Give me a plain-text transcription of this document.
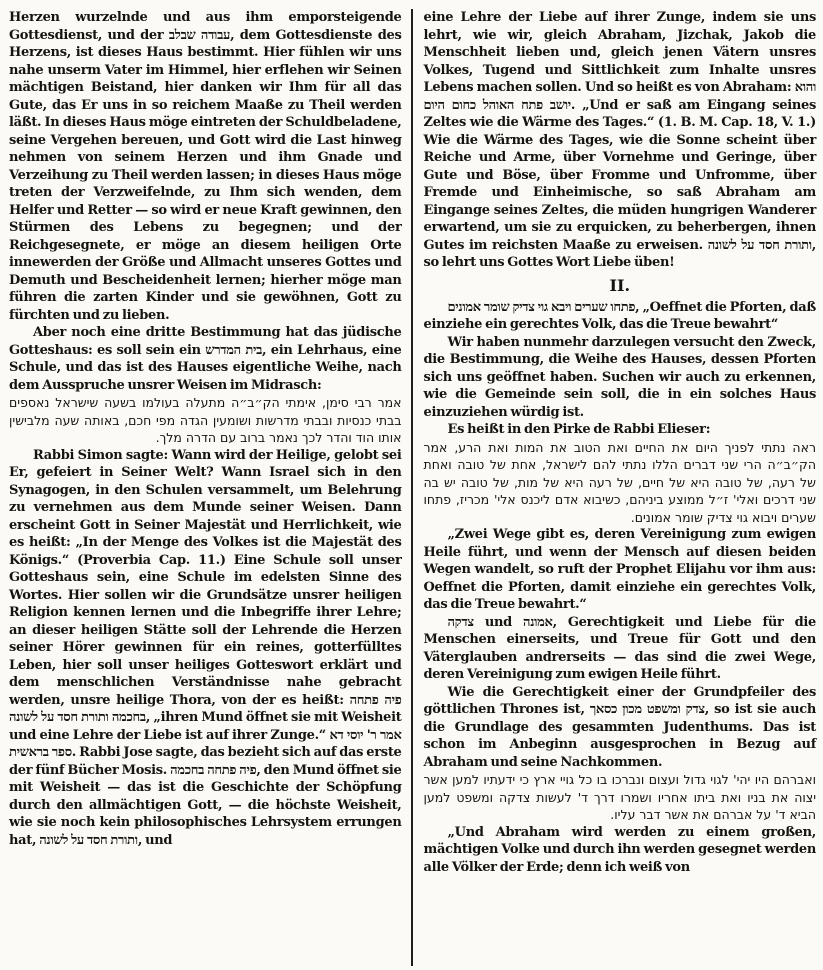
Herzen wurzelnde und aus ihm emporsteigende Gottesdienst, und der עבודה שבלב, dem Gottesdienste des Herzens, ist dieses Haus bestimmt. Hier fühlen wir uns nahe unserm Vater im Himmel, hier erflehen wir Seinen mächtigen Beistand, hier danken wir Ihm für all das Gute, das Er uns in so reichem Maaße zu Theil werden läßt. In dieses Haus möge eintreten der Schuldbeladene, seine Vergehen bereuen, und Gott wird die Last hinweg nehmen von seinem Herzen und ihm Gnade und Verzeihung zu Theil werden lassen; in dieses Haus möge treten der Verzweifelnde, zu Ihm sich wenden, dem Helfer und Retter — so wird er neue Kraft gewinnen, den Stürmen des Lebens zu begegnen; und der Reichgesegnete, er möge an diesem heiligen Orte innewerden der Größe und Allmacht unseres Gottes und Demuth und Bescheidenheit lernen; hierher möge man führen die zarten Kinder und sie gewöhnen, Gott zu fürchten und zu lieben.

Aber noch eine dritte Bestimmung hat das jüdische Gotteshaus: es soll sein ein בית המדרש, ein Lehrhaus, eine Schule, und das ist des Hauses eigentliche Weihe, nach dem Ausspruche unsrer Weisen im Midrasch:

אמר רבי סימן, אימתי הק״ב״ה מתעלה בעולמו בשעה שישראל נאספים בבתי כנסיות ובבתי מדרשות ושומעין הגדה מפי חכם, באותה שעה מלבישין אותו הוד והדר לכך נאמר ברוב עם הדרה מלך.

Rabbi Simon sagte: Wann wird der Heilige, gelobt sei Er, gefeiert in Seiner Welt? Wann Israel sich in den Synagogen, in den Schulen versammelt, um Belehrung zu vernehmen aus dem Munde seiner Weisen. Dann erscheint Gott in Seiner Majestät und Herrlichkeit, wie es heißt: „In der Menge des Volkes ist die Majestät des Königs.“ (Proverbia Cap. 11.) Eine Schule soll unser Gotteshaus sein, eine Schule im edelsten Sinne des Wortes. Hier sollen wir die Grundsätze unsrer heiligen Religion kennen lernen und die Inbegriffe ihrer Lehre; an dieser heiligen Stätte soll der Lehrende die Herzen seiner Hörer gewinnen für ein reines, gotterfülltes Leben, hier soll unser heiliges Gotteswort erklärt und dem menschlichen Verständnisse nahe gebracht werden, unsre heilige Thora, von der es heißt: פיה פתחה בחכמה ותורת חסד על לשונה, „ihren Mund öffnet sie mit Weisheit und eine Lehre der Liebe ist auf ihrer Zunge.“ אמר ר' יוסי דא ספר בראשית. Rabbi Jose sagte, das bezieht sich auf das erste der fünf Bücher Mosis. פיה פתחה בחכמה, den Mund öffnet sie mit Weisheit — das ist die Geschichte der Schöpfung durch den allmächtigen Gott, — die höchste Weisheit, wie sie noch kein philosophisches Lehrsystem errungen hat, ותורת חסד על לשונה, und

eine Lehre der Liebe auf ihrer Zunge, indem sie uns lehrt, wie wir, gleich Abraham, Jizchak, Jakob die Menschheit lieben und, gleich jenen Vätern unsres Volkes, Tugend und Sittlichkeit zum Inhalte unsres Lebens machen sollen. Und so heißt es von Abraham: והוא יושב פתח האוהל כחום היום. „Und er saß am Eingang seines Zeltes wie die Wärme des Tages.“ (1. B. M. Cap. 18, V. 1.) Wie die Wärme des Tages, wie die Sonne scheint über Reiche und Arme, über Vornehme und Geringe, über Gute und Böse, über Fromme und Unfromme, über Fremde und Einheimische, so saß Abraham am Eingange seines Zeltes, die müden hungrigen Wanderer erwartend, um sie zu erquicken, zu beherbergen, ihnen Gutes im reichsten Maaße zu erweisen. ותורת חסד על לשונה, so lehrt uns Gottes Wort Liebe üben!

II.

פתחו שערים ויבא גוי צדיק שומר אמונים, „Oeffnet die Pforten, daß einziehe ein gerechtes Volk, das die Treue bewahrt“

Wir haben nunmehr darzulegen versucht den Zweck, die Bestimmung, die Weihe des Hauses, dessen Pforten sich uns geöffnet haben. Suchen wir auch zu erkennen, wie die Gemeinde sein soll, die in ein solches Haus einzuziehen würdig ist.

Es heißt in den Pirke de Rabbi Elieser:

ראה נתתי לפניך היום את החיים ואת הטוב את המות ואת הרע, אמר הק״ב״ה הרי שני דברים הללו נתתי להם לישראל, אחת של טובה ואחת של רעה, של טובה היא של חיים, של רעה היא של מות, של טובה יש בה שני דרכים ואלי' ז״ל ממוצע ביניהם, כשיבוא אדם ליכנס אלי' מכריז, פתחו שערים ויבוא גוי צדיק שומר אמונים.

„Zwei Wege gibt es, deren Vereinigung zum ewigen Heile führt, und wenn der Mensch auf diesen beiden Wegen wandelt, so ruft der Prophet Elijahu vor ihm aus: Oeffnet die Pforten, damit einziehe ein gerechtes Volk, das die Treue bewahrt.“

צדקה und אמונה, Gerechtigkeit und Liebe für die Menschen einerseits, und Treue für Gott und den Väterglauben andrerseits — das sind die zwei Wege, deren Vereinigung zum ewigen Heile führt.

Wie die Gerechtigkeit einer der Grundpfeiler des göttlichen Thrones ist, צדק ומשפט מכון כסאך, so ist sie auch die Grundlage des gesammten Judenthums. Das ist schon im Anbeginn ausgesprochen in Bezug auf Abraham und seine Nachkommen.

ואברהם היו יהי' לגוי גדול ועצום ונברכו בו כל גויי ארץ כי ידעתיו למען אשר יצוה את בניו ואת ביתו אחריו ושמרו דרך ד' לעשות צדקה ומשפט למען הביא ד' על אברהם את אשר דבר עליו.

„Und Abraham wird werden zu einem großen, mächtigen Volke und durch ihn werden gesegnet werden alle Völker der Erde; denn ich weiß von
